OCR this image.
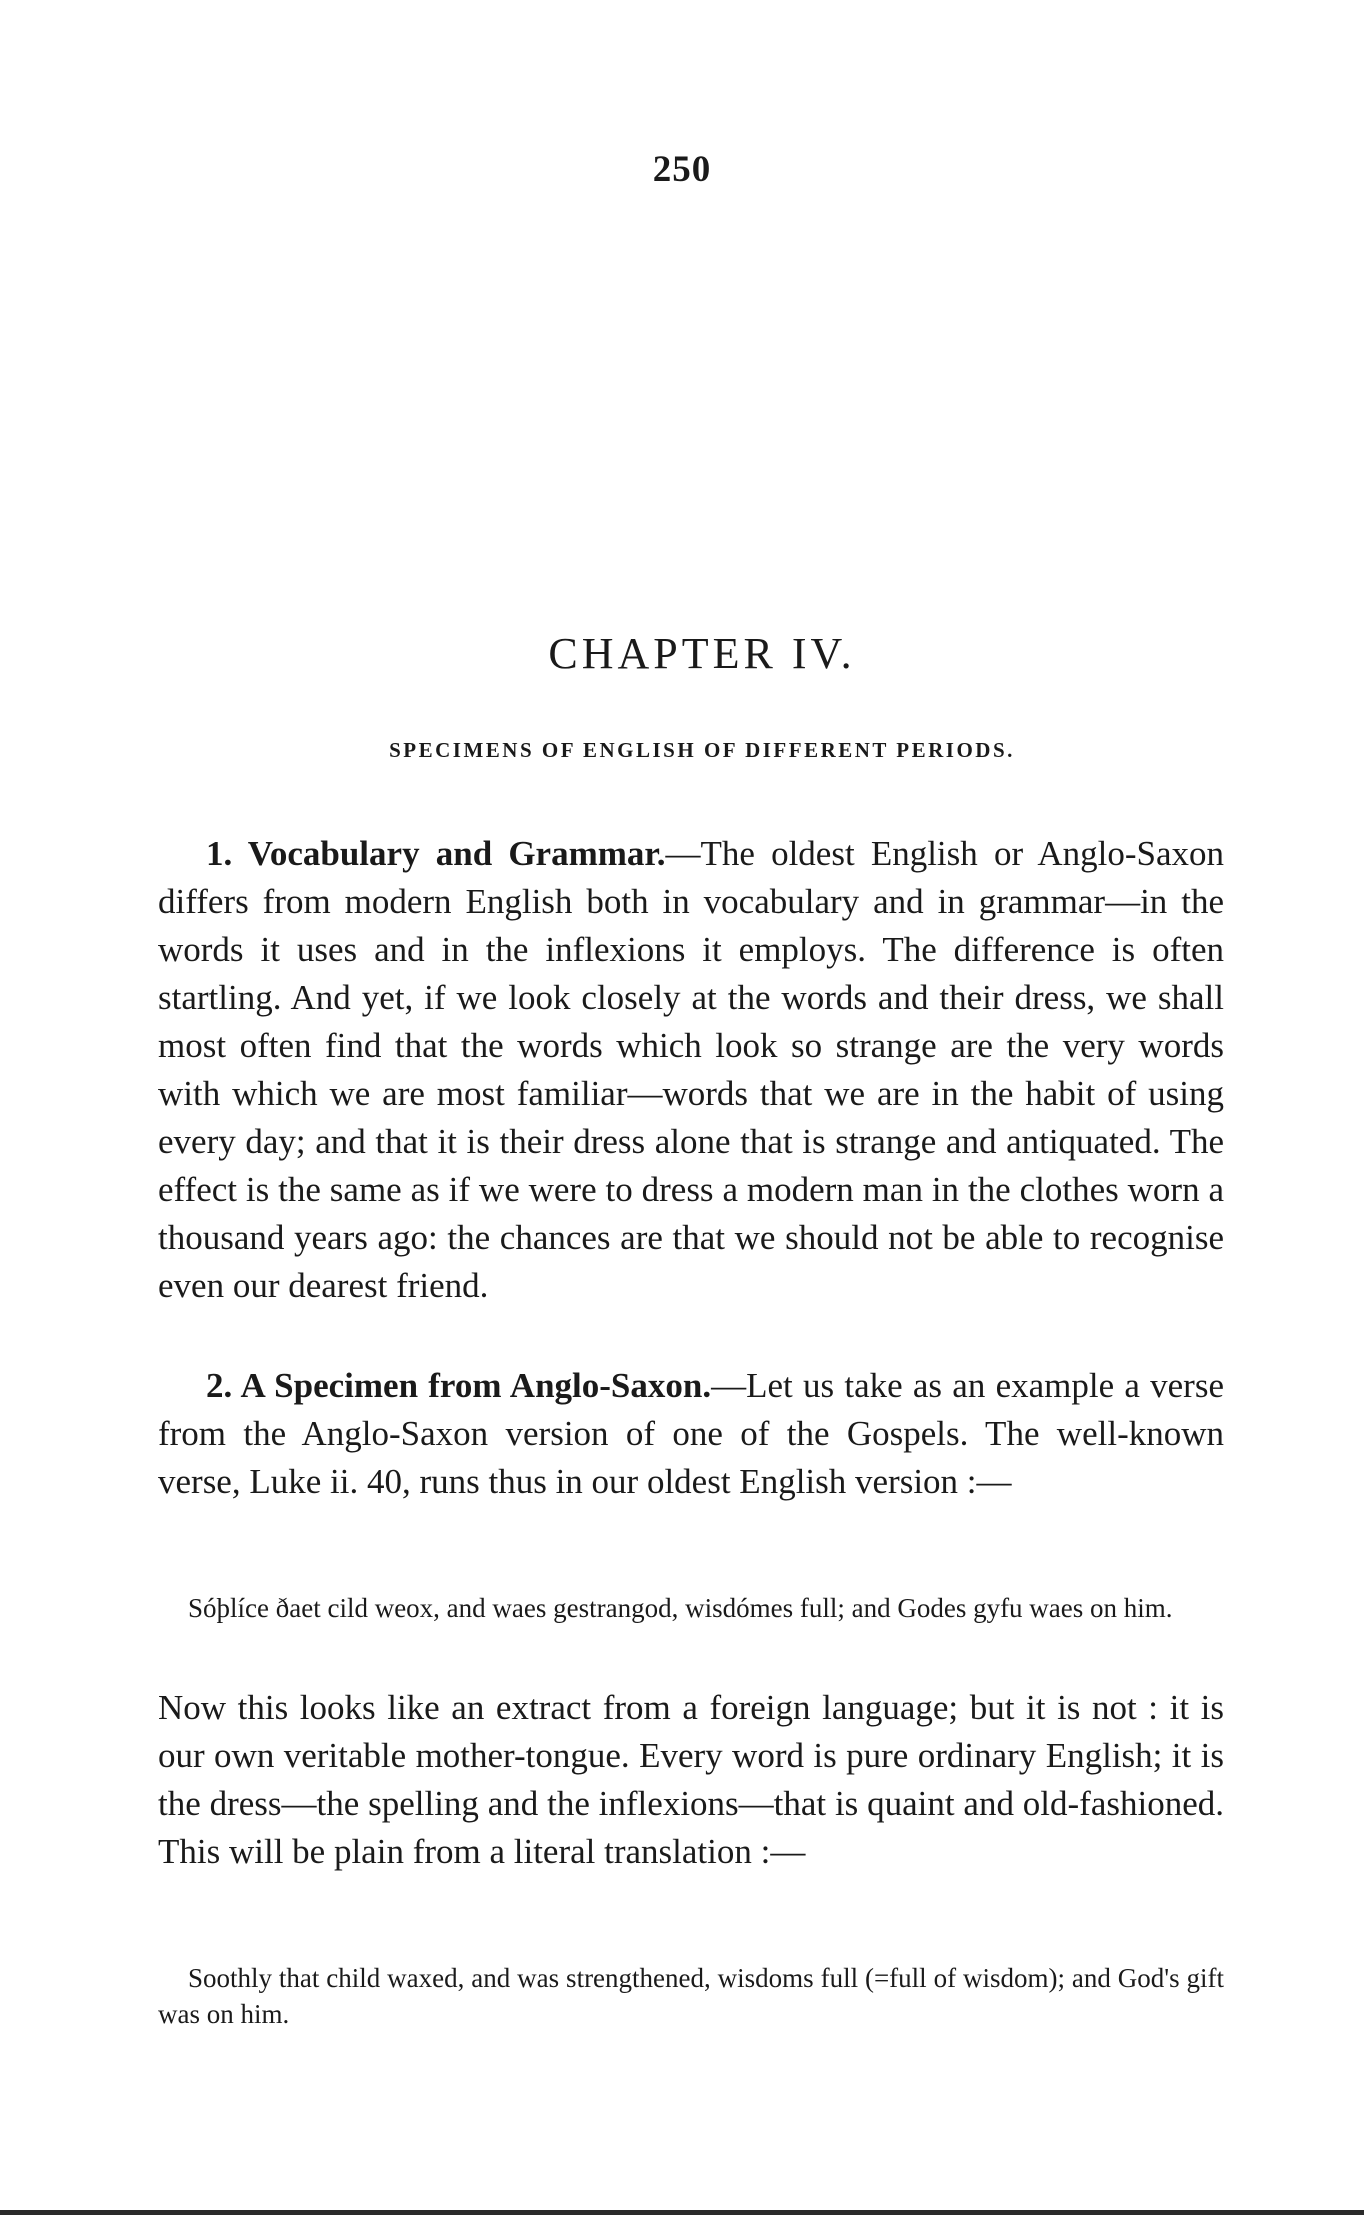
250
CHAPTER IV.
SPECIMENS OF ENGLISH OF DIFFERENT PERIODS.

1. Vocabulary and Grammar.—The oldest English or Anglo-Saxon differs from modern English both in vocabulary and in grammar—in the words it uses and in the inflexions it employs. The difference is often startling. And yet, if we look closely at the words and their dress, we shall most often find that the words which look so strange are the very words with which we are most familiar—words that we are in the habit of using every day; and that it is their dress alone that is strange and antiquated. The effect is the same as if we were to dress a modern man in the clothes worn a thousand years ago: the chances are that we should not be able to recognise even our dearest friend.

2. A Specimen from Anglo-Saxon.—Let us take as an example a verse from the Anglo-Saxon version of one of the Gospels. The well-known verse, Luke ii. 40, runs thus in our oldest English version :—

Sóþlíce ðaet cild weox, and waes gestrangod, wisdómes full; and Godes gyfu waes on him.

Now this looks like an extract from a foreign language; but it is not : it is our own veritable mother-tongue. Every word is pure ordinary English; it is the dress—the spelling and the inflexions—that is quaint and old-fashioned. This will be plain from a literal translation :—

Soothly that child waxed, and was strengthened, wisdoms full (=full of wisdom); and God's gift was on him.
